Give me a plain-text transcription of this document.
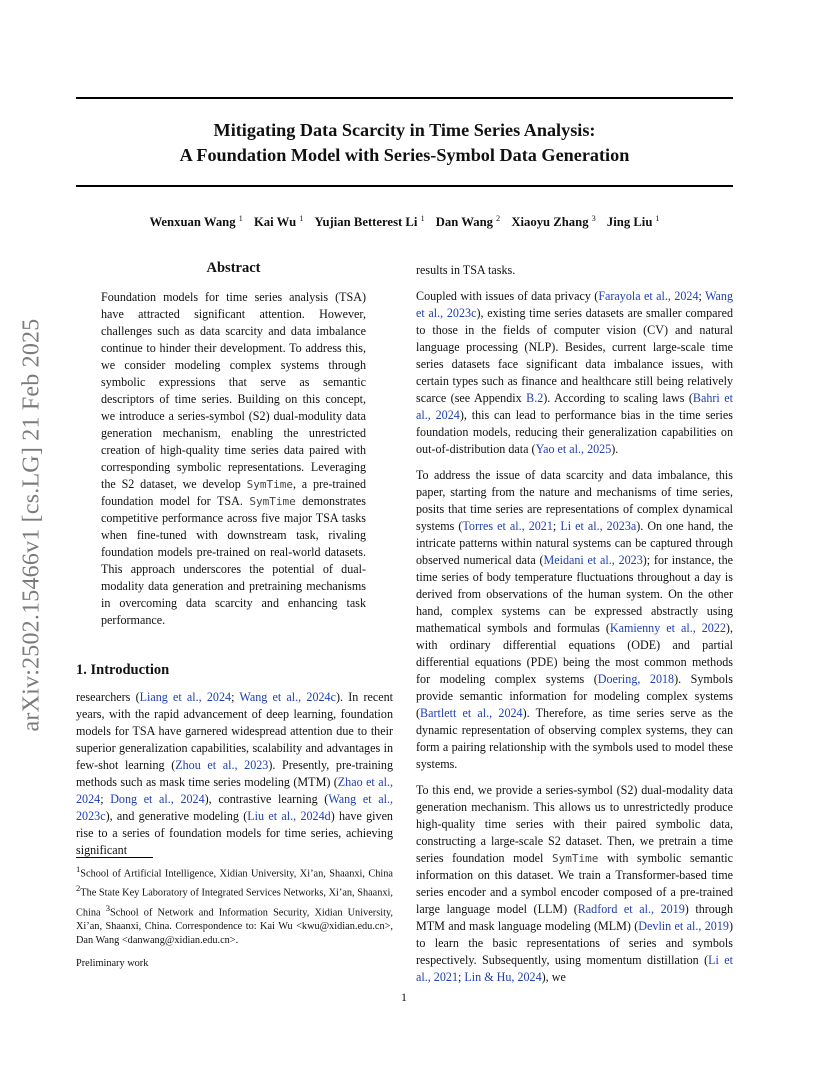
Mitigating Data Scarcity in Time Series Analysis:
A Foundation Model with Series-Symbol Data Generation
Wenxuan Wang $^1$ Kai Wu $^1$ Yujian Betterest Li $^1$ Dan Wang $^2$ Xiaoyu Zhang $^3$ Jing Liu $^1$
arXiv:2502.15466v1 [cs.LG] 21 Feb 2025
Abstract
Foundation models for time series analysis (TSA) have attracted significant attention. However, challenges such as data scarcity and data imbalance continue to hinder their development. To address this, we consider modeling complex systems through symbolic expressions that serve as semantic descriptors of time series. Building on this concept, we introduce a series-symbol (S2) dual-modulity data generation mechanism, enabling the unrestricted creation of high-quality time series data paired with corresponding symbolic representations. Leveraging the S2 dataset, we develop SymTime, a pre-trained foundation model for TSA. SymTime demonstrates competitive performance across five major TSA tasks when fine-tuned with downstream task, rivaling foundation models pre-trained on real-world datasets. This approach underscores the potential of dual-modality data generation and pretraining mechanisms in overcoming data scarcity and enhancing task performance.
1. Introduction
researchers (Liang et al., 2024; Wang et al., 2024c). In recent years, with the rapid advancement of deep learning, foundation models for TSA have garnered widespread attention due to their superior generalization capabilities, scalability and advantages in few-shot learning (Zhou et al., 2023). Presently, pre-training methods such as mask time series modeling (MTM) (Zhao et al., 2024; Dong et al., 2024), contrastive learning (Wang et al., 2023c), and generative modeling (Liu et al., 2024d) have given rise to a series of foundation models for time series, achieving significant
$^1$School of Artificial Intelligence, Xidian University, Xi’an, Shaanxi, China $^2$The State Key Laboratory of Integrated Services Networks, Xi’an, Shaanxi, China $^3$School of Network and Information Security, Xidian University, Xi’an, Shaanxi, China. Correspondence to: Kai Wu <kwu@xidian.edu.cn>, Dan Wang <danwang@xidian.edu.cn>.
Preliminary work

results in TSA tasks.

Coupled with issues of data privacy (Farayola et al., 2024; Wang et al., 2023c), existing time series datasets are smaller compared to those in the fields of computer vision (CV) and natural language processing (NLP). Besides, current large-scale time series datasets face significant data imbalance issues, with certain types such as finance and healthcare still being relatively scarce (see Appendix B.2). According to scaling laws (Bahri et al., 2024), this can lead to performance bias in the time series foundation models, reducing their generalization capabilities on out-of-distribution data (Yao et al., 2025).

To address the issue of data scarcity and data imbalance, this paper, starting from the nature and mechanisms of time series, posits that time series are representations of complex dynamical systems (Torres et al., 2021; Li et al., 2023a). On one hand, the intricate patterns within natural systems can be captured through observed numerical data (Meidani et al., 2023); for instance, the time series of body temperature fluctuations throughout a day is derived from observations of the human system. On the other hand, complex systems can be expressed abstractly using mathematical symbols and formulas (Kamienny et al., 2022), with ordinary differential equations (ODE) and partial differential equations (PDE) being the most common methods for modeling complex systems (Doering, 2018). Symbols provide semantic information for modeling complex systems (Bartlett et al., 2024). Therefore, as time series serve as the dynamic representation of observing complex systems, they can form a pairing relationship with the symbols used to model these systems.

To this end, we provide a series-symbol (S2) dual-modality data generation mechanism. This allows us to unrestrictedly produce high-quality time series with their paired symbolic data, constructing a large-scale S2 dataset. Then, we pretrain a time series foundation model SymTime with symbolic semantic information on this dataset. We train a Transformer-based time series encoder and a symbol encoder composed of a pre-trained large language model (LLM) (Radford et al., 2019) through MTM and mask language modeling (MLM) (Devlin et al., 2019) to learn the basic representations of series and symbols respectively. Subsequently, using momentum distillation (Li et al., 2021; Lin & Hu, 2024), we

1
